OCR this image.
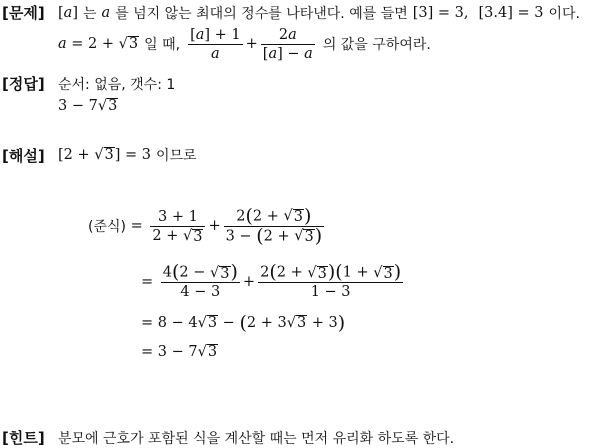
[문제] [ a ] 는 a 를 넘지 않는 최대의 정수를 나타낸다. 예를 들면 [3] = 3, [3.4] = 3 이다.
a = 2 + √ 3 일 때, $\frac{[a] + 1}{a} + \frac{2a}{[a] - a}$ 의 값을 구하여라.
[정답] 순서: 없음, 갯수: 1
3 − 7 √ 3
[해설] [2 + √ 3 ] = 3 이므로
(준식) = $\frac{3 + 1}{2 + √ 3} + \frac{2(2 + √ 3 )}{3 - (2 + √ 3 )}$
= $\frac{4(2 - √ 3 )}{4 - 3} + \frac{2(2 + √ 3 )(1 + √ 3 )}{1 - 3}$
= 8 − 4 √ 3 − ( 2 + 3 √ 3 + 3 )
= 3 − 7 √ 3
[힌트] 분모에 근호가 포함된 식을 계산할 때는 먼저 유리화 하도록 한다.
